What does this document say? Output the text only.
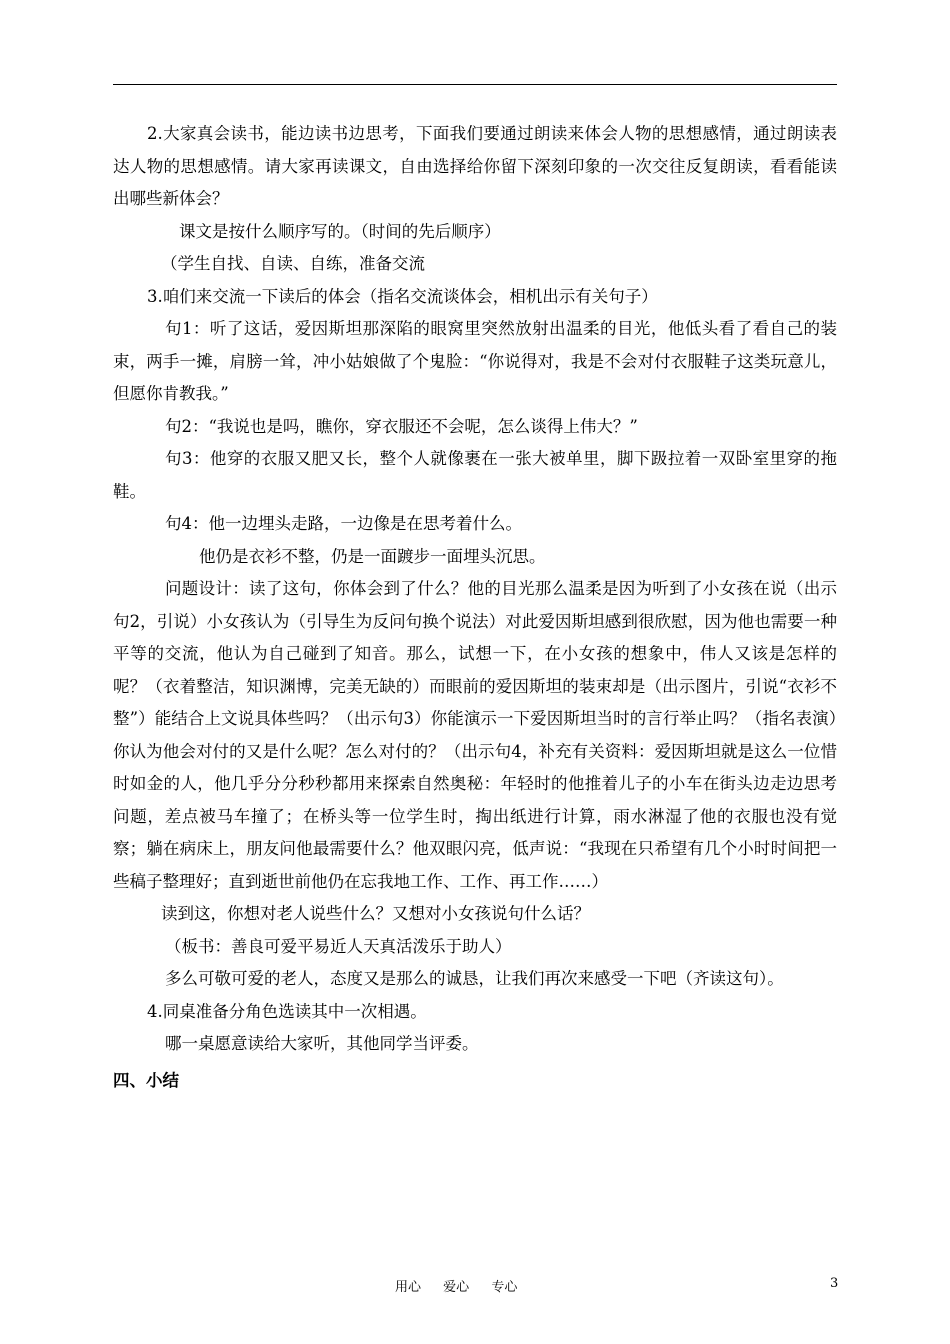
2.大家真会读书，能边读书边思考，下面我们要通过朗读来体会人物的思想感情，通过朗读表达人物的思想感情。请大家再读课文，自由选择给你留下深刻印象的一次交往反复朗读，看看能读出哪些新体会？

课文是按什么顺序写的。（时间的先后顺序）

（学生自找、自读、自练，准备交流

3.咱们来交流一下读后的体会（指名交流谈体会，相机出示有关句子）

句1：听了这话，爱因斯坦那深陷的眼窝里突然放射出温柔的目光，他低头看了看自己的装束，两手一摊，肩膀一耸，冲小姑娘做了个鬼脸：“你说得对，我是不会对付衣服鞋子这类玩意儿，但愿你肯教我。”

句2：“我说也是吗，瞧你，穿衣服还不会呢，怎么谈得上伟大？”

句3：他穿的衣服又肥又长，整个人就像裹在一张大被单里，脚下趿拉着一双卧室里穿的拖鞋。

句4：他一边埋头走路，一边像是在思考着什么。

他仍是衣衫不整，仍是一面踱步一面埋头沉思。

问题设计：读了这句，你体会到了什么？他的目光那么温柔是因为听到了小女孩在说（出示句2，引说）小女孩认为（引导生为反问句换个说法）对此爱因斯坦感到很欣慰，因为他也需要一种平等的交流，他认为自己碰到了知音。那么，试想一下，在小女孩的想象中，伟人又该是怎样的呢？（衣着整洁，知识渊博，完美无缺的）而眼前的爱因斯坦的装束却是（出示图片，引说“衣衫不整”）能结合上文说具体些吗？（出示句3）你能演示一下爱因斯坦当时的言行举止吗？（指名表演）你认为他会对付的又是什么呢？怎么对付的？（出示句4，补充有关资料：爱因斯坦就是这么一位惜时如金的人，他几乎分分秒秒都用来探索自然奥秘：年轻时的他推着儿子的小车在街头边走边思考问题，差点被马车撞了；在桥头等一位学生时，掏出纸进行计算，雨水淋湿了他的衣服也没有觉察；躺在病床上，朋友问他最需要什么？他双眼闪亮，低声说：“我现在只希望有几个小时时间把一些稿子整理好；直到逝世前他仍在忘我地工作、工作、再工作……）

读到这，你想对老人说些什么？又想对小女孩说句什么话？

（板书：善良可爱平易近人天真活泼乐于助人）

多么可敬可爱的老人，态度又是那么的诚恳，让我们再次来感受一下吧（齐读这句）。

4.同桌准备分角色选读其中一次相遇。

哪一桌愿意读给大家听，其他同学当评委。

四、小结

用心 爱心 专心	3
